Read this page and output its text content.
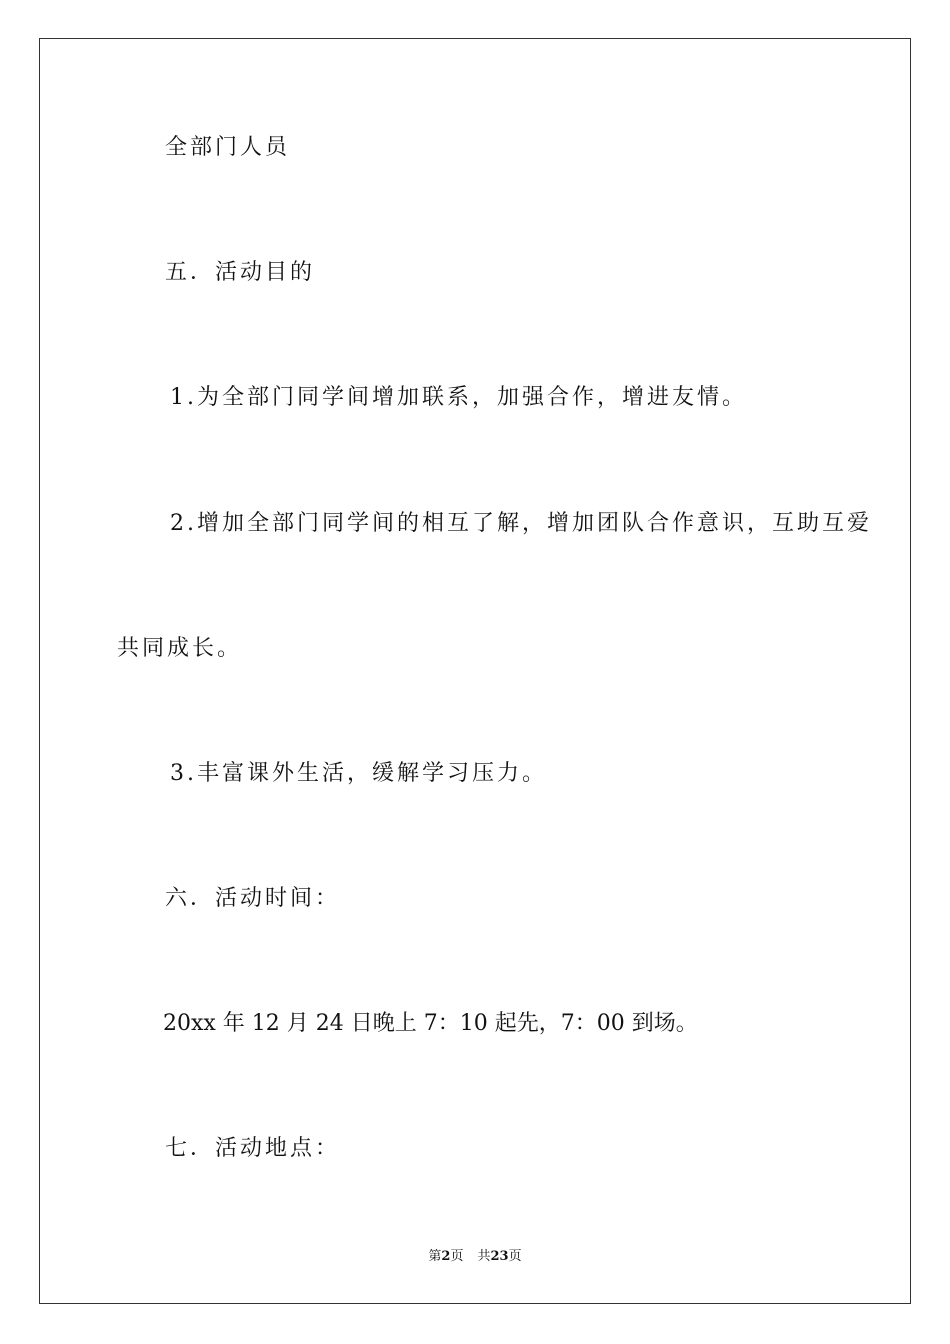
全部门人员
五．活动目的
1.为全部门同学间增加联系，加强合作，增进友情。
2.增加全部门同学间的相互了解，增加团队合作意识，互助互爱
共同成长。
3.丰富课外生活，缓解学习压力。
六．活动时间：
20xx 年 12 月 24 日晚上 7：10 起先，7：00 到场。
七．活动地点：
第2页 共23页
